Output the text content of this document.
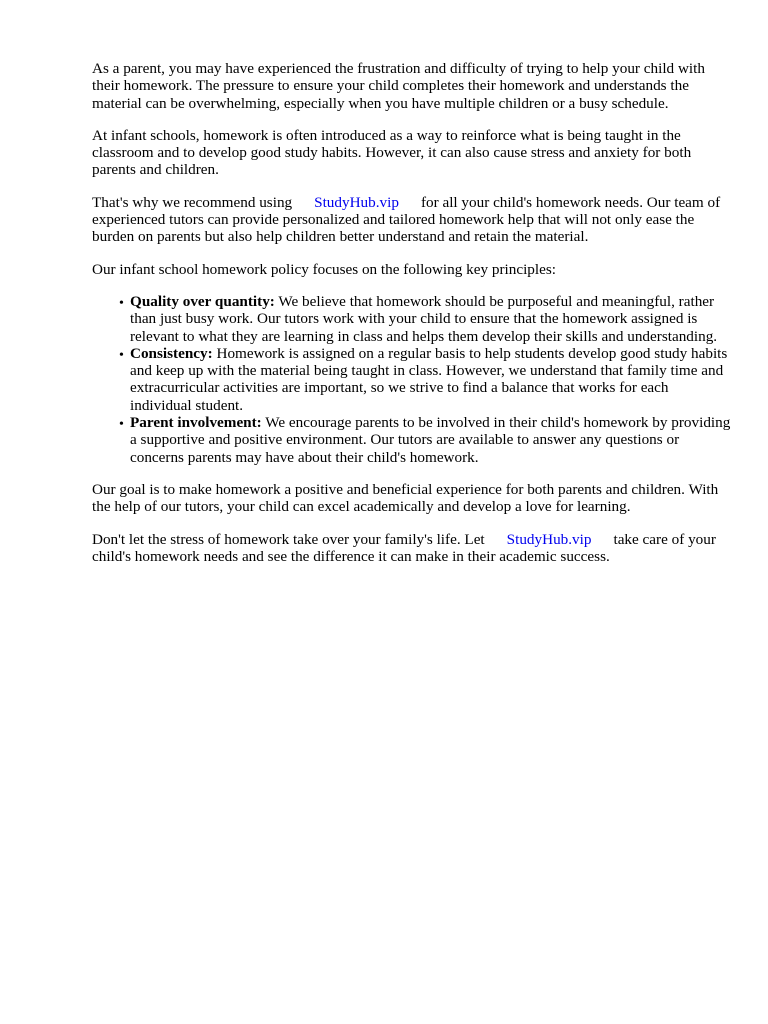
As a parent, you may have experienced the frustration and difficulty of trying to help your child with their homework. The pressure to ensure your child completes their homework and understands the material can be overwhelming, especially when you have multiple children or a busy schedule.

At infant schools, homework is often introduced as a way to reinforce what is being taught in the classroom and to develop good study habits. However, it can also cause stress and anxiety for both parents and children.

That's why we recommend using StudyHub.vip for all your child's homework needs. Our team of experienced tutors can provide personalized and tailored homework help that will not only ease the burden on parents but also help children better understand and retain the material.

Our infant school homework policy focuses on the following key principles:

• Quality over quantity: We believe that homework should be purposeful and meaningful, rather than just busy work. Our tutors work with your child to ensure that the homework assigned is relevant to what they are learning in class and helps them develop their skills and understanding.
• Consistency: Homework is assigned on a regular basis to help students develop good study habits and keep up with the material being taught in class. However, we understand that family time and extracurricular activities are important, so we strive to find a balance that works for each individual student.
• Parent involvement: We encourage parents to be involved in their child's homework by providing a supportive and positive environment. Our tutors are available to answer any questions or concerns parents may have about their child's homework.

Our goal is to make homework a positive and beneficial experience for both parents and children. With the help of our tutors, your child can excel academically and develop a love for learning.

Don't let the stress of homework take over your family's life. Let StudyHub.vip take care of your child's homework needs and see the difference it can make in their academic success.
